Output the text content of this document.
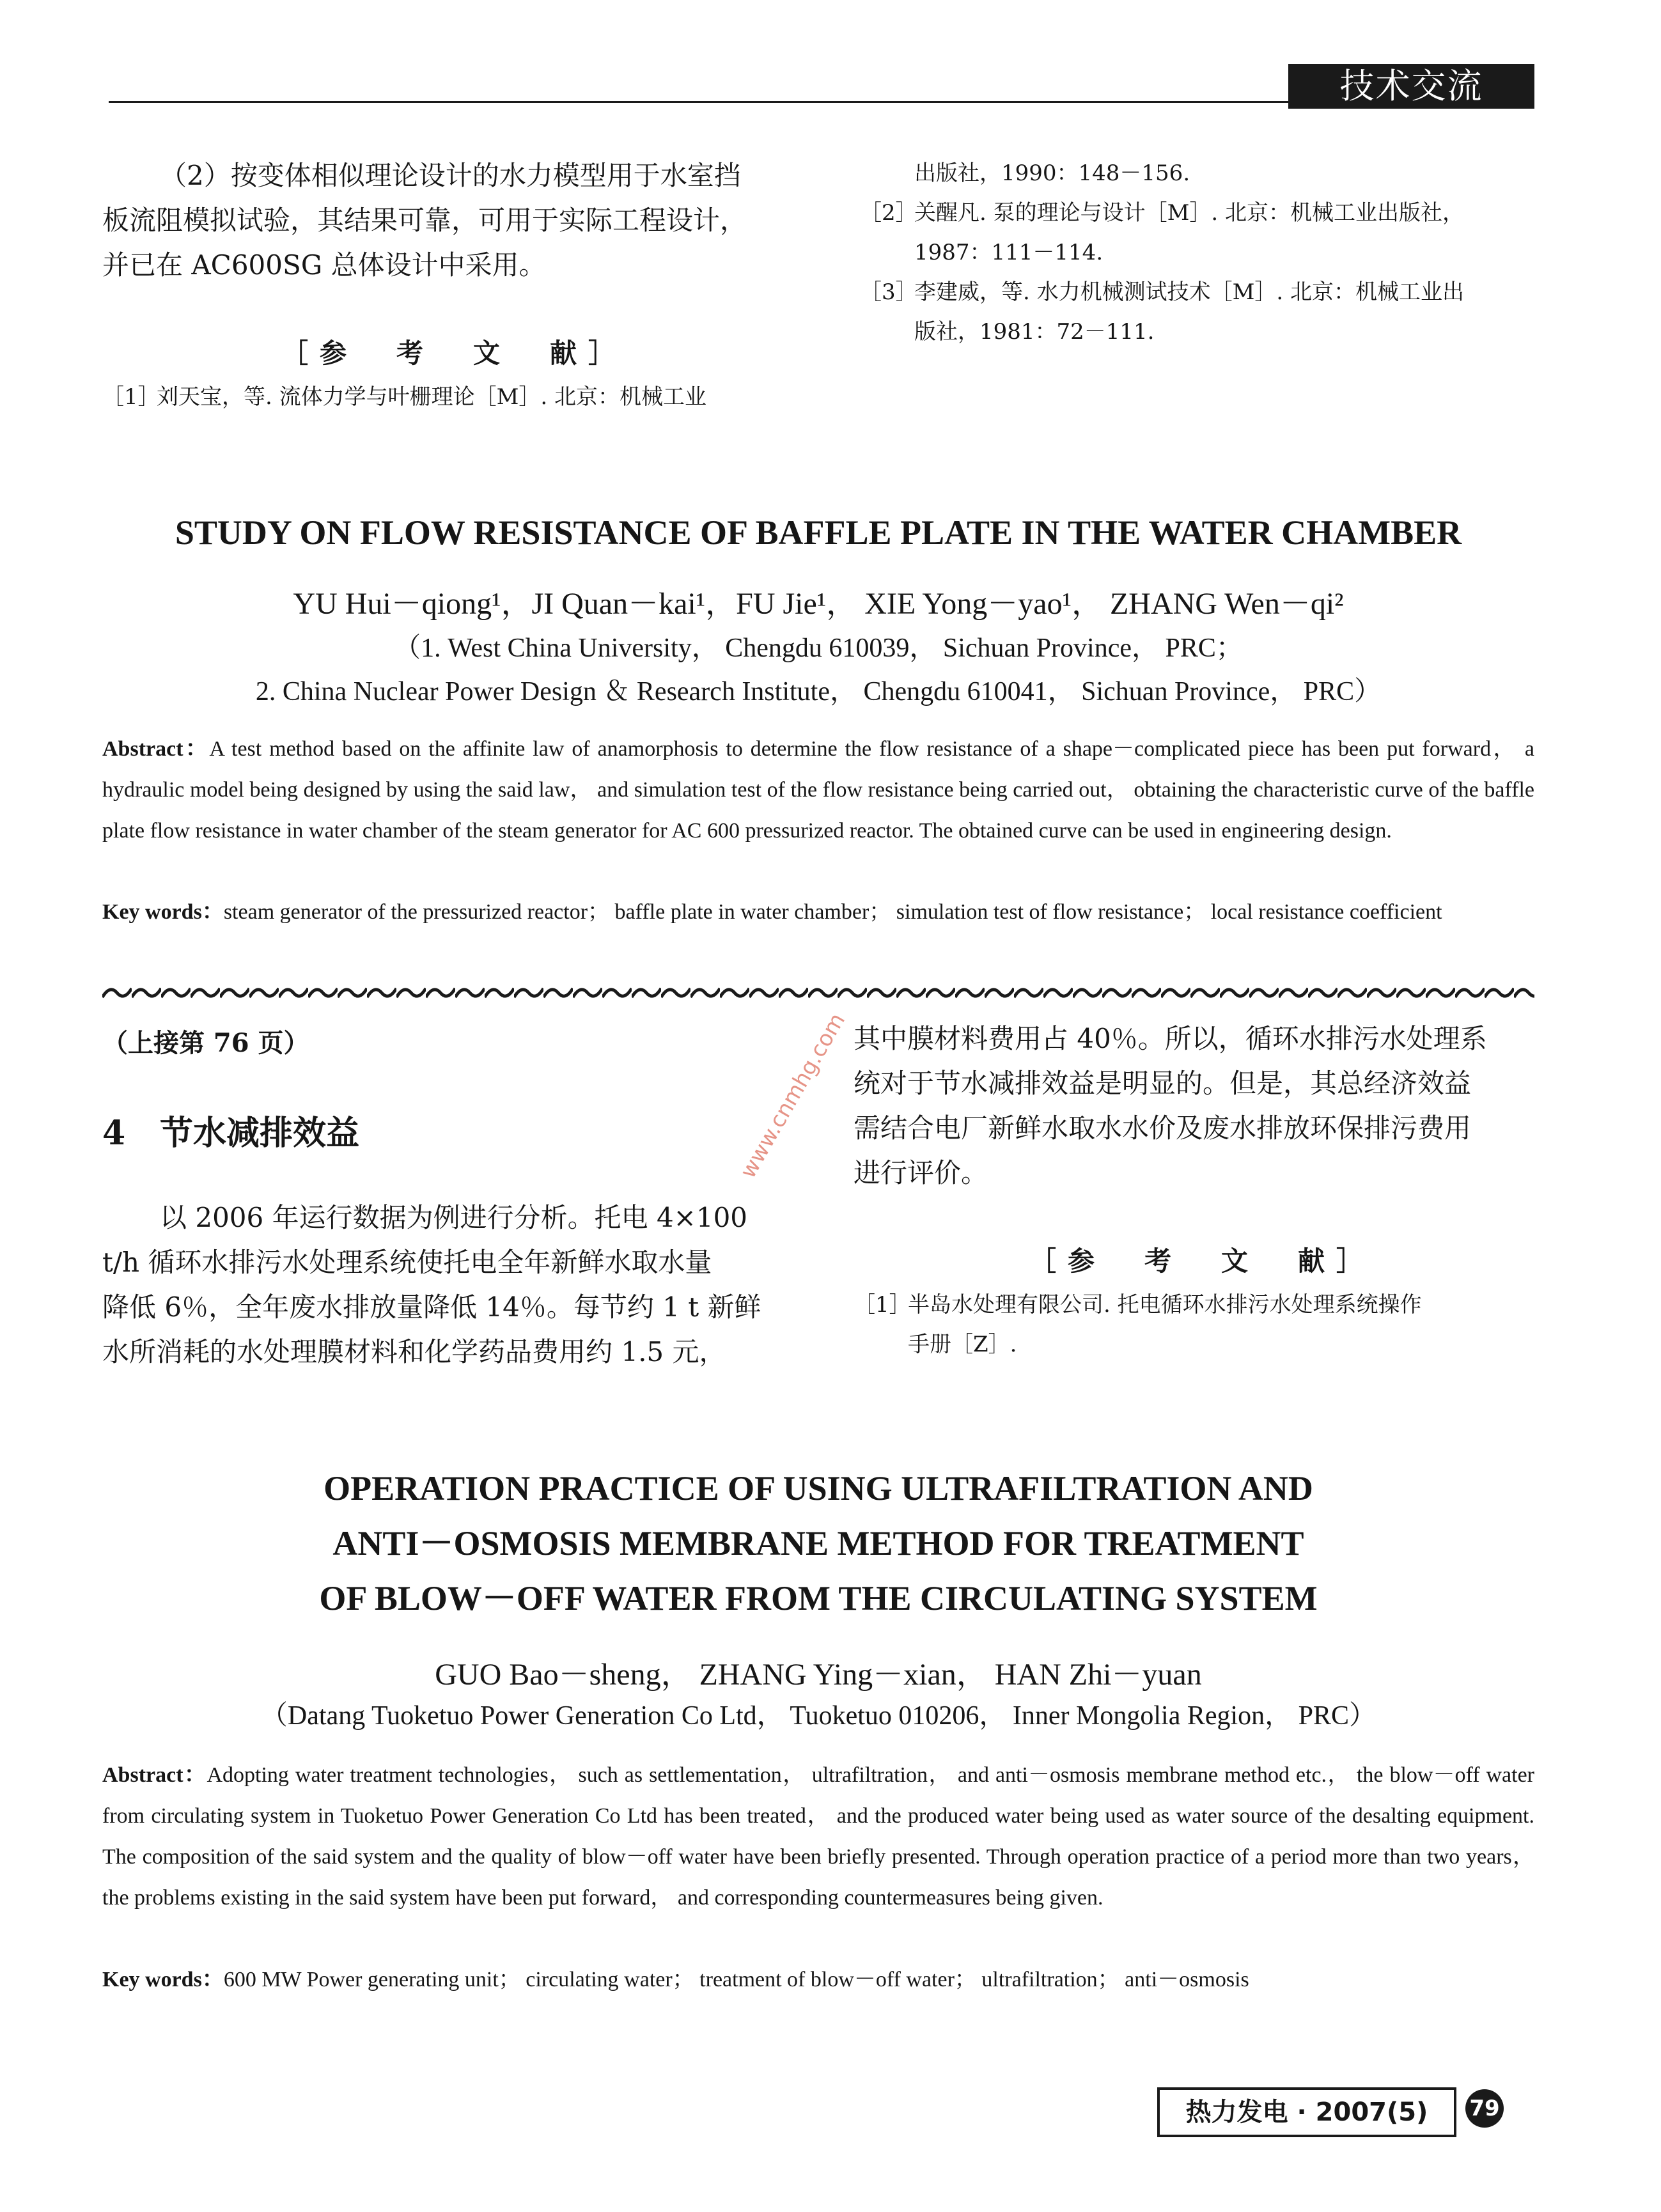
技术交流
（2）按变体相似理论设计的水力模型用于水室挡
板流阻模拟试验，其结果可靠，可用于实际工程设计，
并已在 AC600SG 总体设计中采用。
［参　考　文　献］
［1］刘天宝，等. 流体力学与叶栅理论［M］. 北京：机械工业
出版社，1990：148－156.
［2］关醒凡. 泵的理论与设计［M］. 北京：机械工业出版社，
1987：111－114.
［3］李建威，等. 水力机械测试技术［M］. 北京：机械工业出
版社，1981：72－111.
STUDY ON FLOW RESISTANCE OF BAFFLE PLATE IN THE WATER CHAMBER
YU Hui－qiong¹，JI Quan－kai¹，FU Jie¹， XIE Yong－yao¹， ZHANG Wen－qi²
（1. West China University， Chengdu 610039， Sichuan Province， PRC；
2. China Nuclear Power Design ＆ Research Institute， Chengdu 610041， Sichuan Province， PRC）
Abstract：A test method based on the affinite law of anamorphosis to determine the flow resistance of a shape－complicated piece has been put forward， a hydraulic model being designed by using the said law， and simulation test of the flow resistance being carried out， obtaining the characteristic curve of the baffle plate flow resistance in water chamber of the steam generator for AC 600 pressurized reactor. The obtained curve can be used in engineering design.
Key words：steam generator of the pressurized reactor； baffle plate in water chamber； simulation test of flow resistance； local resistance coefficient
（上接第 76 页）
4 节水减排效益
以 2006 年运行数据为例进行分析。托电 4×100
t/h 循环水排污水处理系统使托电全年新鲜水取水量
降低 6％，全年废水排放量降低 14％。每节约 1 t 新鲜
水所消耗的水处理膜材料和化学药品费用约 1.5 元，
其中膜材料费用占 40％。所以，循环水排污水处理系
统对于节水减排效益是明显的。但是，其总经济效益
需结合电厂新鲜水取水水价及废水排放环保排污费用
进行评价。
［参　考　文　献］
［1］半岛水处理有限公司. 托电循环水排污水处理系统操作
手册［Z］.
www.cnmhg.com
OPERATION PRACTICE OF USING ULTRAFILTRATION AND
ANTI－OSMOSIS MEMBRANE METHOD FOR TREATMENT
OF BLOW－OFF WATER FROM THE CIRCULATING SYSTEM
GUO Bao－sheng， ZHANG Ying－xian， HAN Zhi－yuan
（Datang Tuoketuo Power Generation Co Ltd， Tuoketuo 010206， Inner Mongolia Region， PRC）
Abstract：Adopting water treatment technologies， such as settlementation， ultrafiltration， and anti－osmosis membrane method etc.， the blow－off water from circulating system in Tuoketuo Power Generation Co Ltd has been treated， and the produced water being used as water source of the desalting equipment. The composition of the said system and the quality of blow－off water have been briefly presented. Through operation practice of a period more than two years， the problems existing in the said system have been put forward， and corresponding countermeasures being given.
Key words：600 MW Power generating unit； circulating water； treatment of blow－off water； ultrafiltration； anti－osmosis
热力发电 · 2007(5)	79
